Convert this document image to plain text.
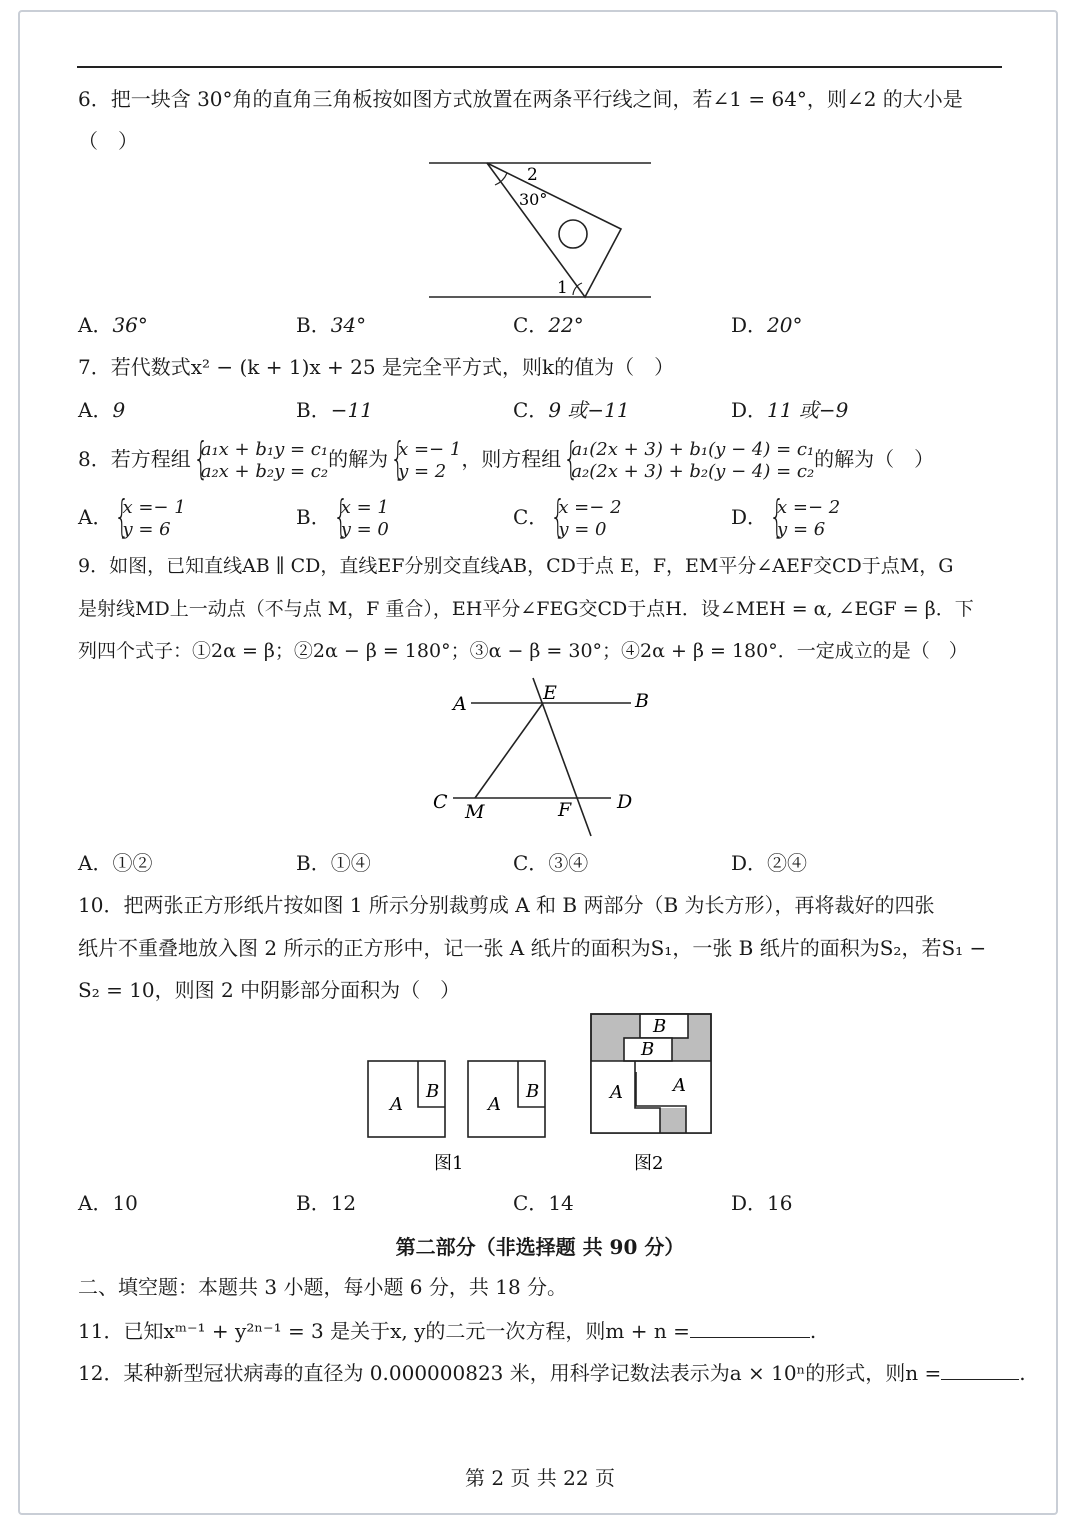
6．把一块含 30°角的直角三角板按如图方式放置在两条平行线之间，若∠1 = 64°，则∠2 的大小是
（　）
2
30°
1
A．36°	B．34°	C．22°	D．20°
7．若代数式x² − (k + 1)x + 25 是完全平方式，则k的值为（　）
A．9	B．−11	C．9 或−11	D．11 或−9
8．若方程组 { a₁x + b₁y = c₁
a₂x + b₂y = c₂ 的解为 { x =− 1
y = 2 ，则方程组 { a₁(2x + 3) + b₁(y − 4) = c₁
a₂(2x + 3) + b₂(y − 4) = c₂ 的解为（　）
A． { x =− 1
y = 6	B． { x = 1
y = 0	C． { x =− 2
y = 0	D． { x =− 2
y = 6
9．如图，已知直线AB ∥ CD，直线EF分别交直线AB，CD于点 E，F，EM平分∠AEF交CD于点M，G
是射线MD上一动点（不与点 M，F 重合），EH平分∠FEG交CD于点H．设∠MEH = α, ∠EGF = β．下
列四个式子：①2α = β；②2α − β = 180°；③α − β = 30°；④2α + β = 180°．一定成立的是（　）
A	B
E
C	D
M	F
A．①②	B．①④	C．③④	D．②④
10．把两张正方形纸片按如图 1 所示分别裁剪成 A 和 B 两部分（B 为长方形），再将裁好的四张
纸片不重叠地放入图 2 所示的正方形中，记一张 A 纸片的面积为S₁，一张 B 纸片的面积为S₂，若S₁ −
S₂ = 10，则图 2 中阴影部分面积为（　）
A
B
A
B
B
B
A	A
图1	图2
A．10	B．12	C．14	D．16
第二部分（非选择题 共 90 分）
二、填空题：本题共 3 小题，每小题 6 分，共 18 分。
11．已知xᵐ⁻¹ + y²ⁿ⁻¹ = 3 是关于x, y的二元一次方程，则m + n =	.
12．某种新型冠状病毒的直径为 0.000000823 米，用科学记数法表示为a × 10ⁿ的形式，则n =	.
第 2 页 共 22 页
